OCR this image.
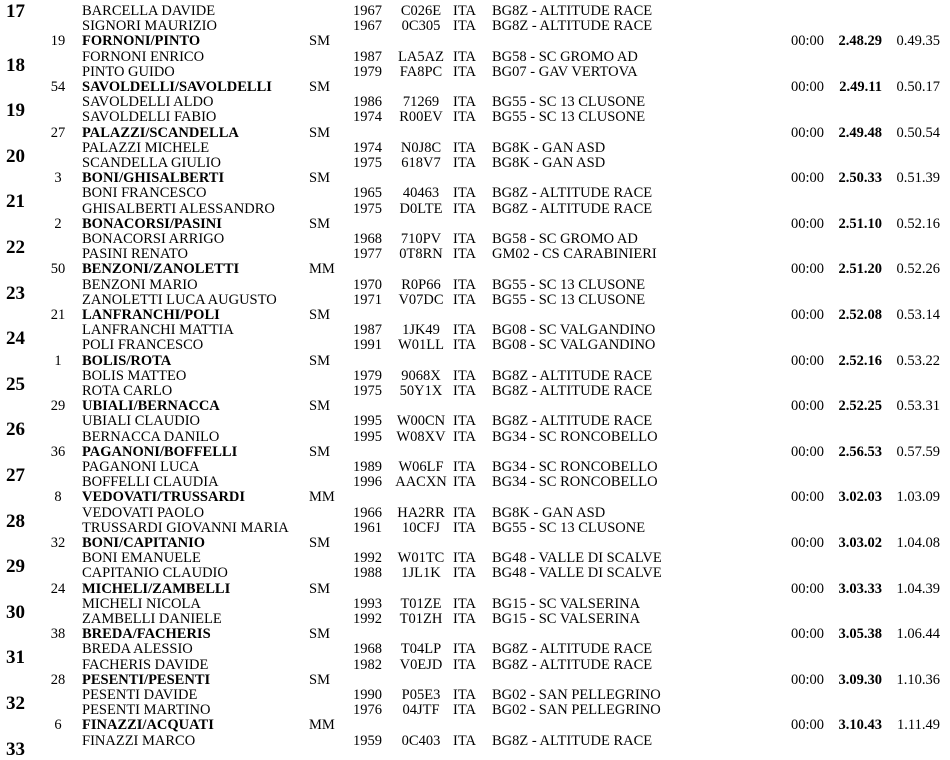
BARCELLA DAVIDE	1967	C026E ITA BG8Z - ALTITUDE RACE
SIGNORI MAURIZIO	1967	0C305 ITA BG8Z - ALTITUDE RACE
17
19	FORNONI/PINTO	SM	00:00 2.48.29	0.49.35
FORNONI ENRICO	1987	LA5AZ ITA BG58 - SC GROMO AD
PINTO GUIDO	1979	FA8PC ITA BG07 - GAV VERTOVA
18
54	SAVOLDELLI/SAVOLDELLI	SM	00:00 2.49.11	0.50.17
SAVOLDELLI ALDO	1986	71269 ITA BG55 - SC 13 CLUSONE
SAVOLDELLI FABIO	1974	R00EV ITA BG55 - SC 13 CLUSONE
19
27	PALAZZI/SCANDELLA	SM	00:00 2.49.48	0.50.54
PALAZZI MICHELE	1974	N0J8C ITA BG8K - GAN ASD
SCANDELLA GIULIO	1975	618V7 ITA BG8K - GAN ASD
20
3	BONI/GHISALBERTI	SM	00:00 2.50.33	0.51.39
BONI FRANCESCO	1965	40463 ITA BG8Z - ALTITUDE RACE
GHISALBERTI ALESSANDRO	1975	D0LTE ITA BG8Z - ALTITUDE RACE
21
2	BONACORSI/PASINI	SM	00:00 2.51.10	0.52.16
BONACORSI ARRIGO	1968	710PV ITA BG58 - SC GROMO AD
PASINI RENATO	1977	0T8RN ITA GM02 - CS CARABINIERI
22
50	BENZONI/ZANOLETTI	MM	00:00 2.51.20	0.52.26
BENZONI MARIO	1970	R0P66 ITA BG55 - SC 13 CLUSONE
ZANOLETTI LUCA AUGUSTO	1971	V07DC ITA BG55 - SC 13 CLUSONE
23
21	LANFRANCHI/POLI	SM	00:00 2.52.08	0.53.14
LANFRANCHI MATTIA	1987	1JK49 ITA BG08 - SC VALGANDINO
POLI FRANCESCO	1991	W01LL ITA BG08 - SC VALGANDINO
24
1	BOLIS/ROTA	SM	00:00 2.52.16	0.53.22
BOLIS MATTEO	1979	9068X ITA BG8Z - ALTITUDE RACE
ROTA CARLO	1975	50Y1X ITA BG8Z - ALTITUDE RACE
25
29	UBIALI/BERNACCA	SM	00:00 2.52.25	0.53.31
UBIALI CLAUDIO	1995 W00CN ITA BG8Z - ALTITUDE RACE
BERNACCA DANILO	1995 W08XV ITA BG34 - SC RONCOBELLO
26
36	PAGANONI/BOFFELLI	SM	00:00 2.56.53	0.57.59
PAGANONI LUCA	1989	W06LF ITA BG34 - SC RONCOBELLO
BOFFELLI CLAUDIA	1996 AACXN ITA BG34 - SC RONCOBELLO
27
8	VEDOVATI/TRUSSARDI	MM	00:00 3.02.03	1.03.09
VEDOVATI PAOLO	1966 HA2RR ITA BG8K - GAN ASD
TRUSSARDI GIOVANNI MARIA	1961	10CFJ ITA BG55 - SC 13 CLUSONE
28
32	BONI/CAPITANIO	SM	00:00 3.03.02	1.04.08
BONI EMANUELE	1992	W01TC ITA BG48 - VALLE DI SCALVE
CAPITANIO CLAUDIO	1988	1JL1K ITA BG48 - VALLE DI SCALVE
29
24	MICHELI/ZAMBELLI	SM	00:00 3.03.33	1.04.39
MICHELI NICOLA	1993	T01ZE ITA BG15 - SC VALSERINA
ZAMBELLI DANIELE	1992	T01ZH ITA BG15 - SC VALSERINA
30
38	BREDA/FACHERIS	SM	00:00 3.05.38	1.06.44
BREDA ALESSIO	1968	T04LP ITA BG8Z - ALTITUDE RACE
FACHERIS DAVIDE	1982	V0EJD ITA BG8Z - ALTITUDE RACE
31
28	PESENTI/PESENTI	SM	00:00 3.09.30	1.10.36
PESENTI DAVIDE	1990	P05E3 ITA BG02 - SAN PELLEGRINO
PESENTI MARTINO	1976	04JTF ITA BG02 - SAN PELLEGRINO
32
6	FINAZZI/ACQUATI	MM	00:00 3.10.43	1.11.49
FINAZZI MARCO	1959	0C403 ITA BG8Z - ALTITUDE RACE
33
